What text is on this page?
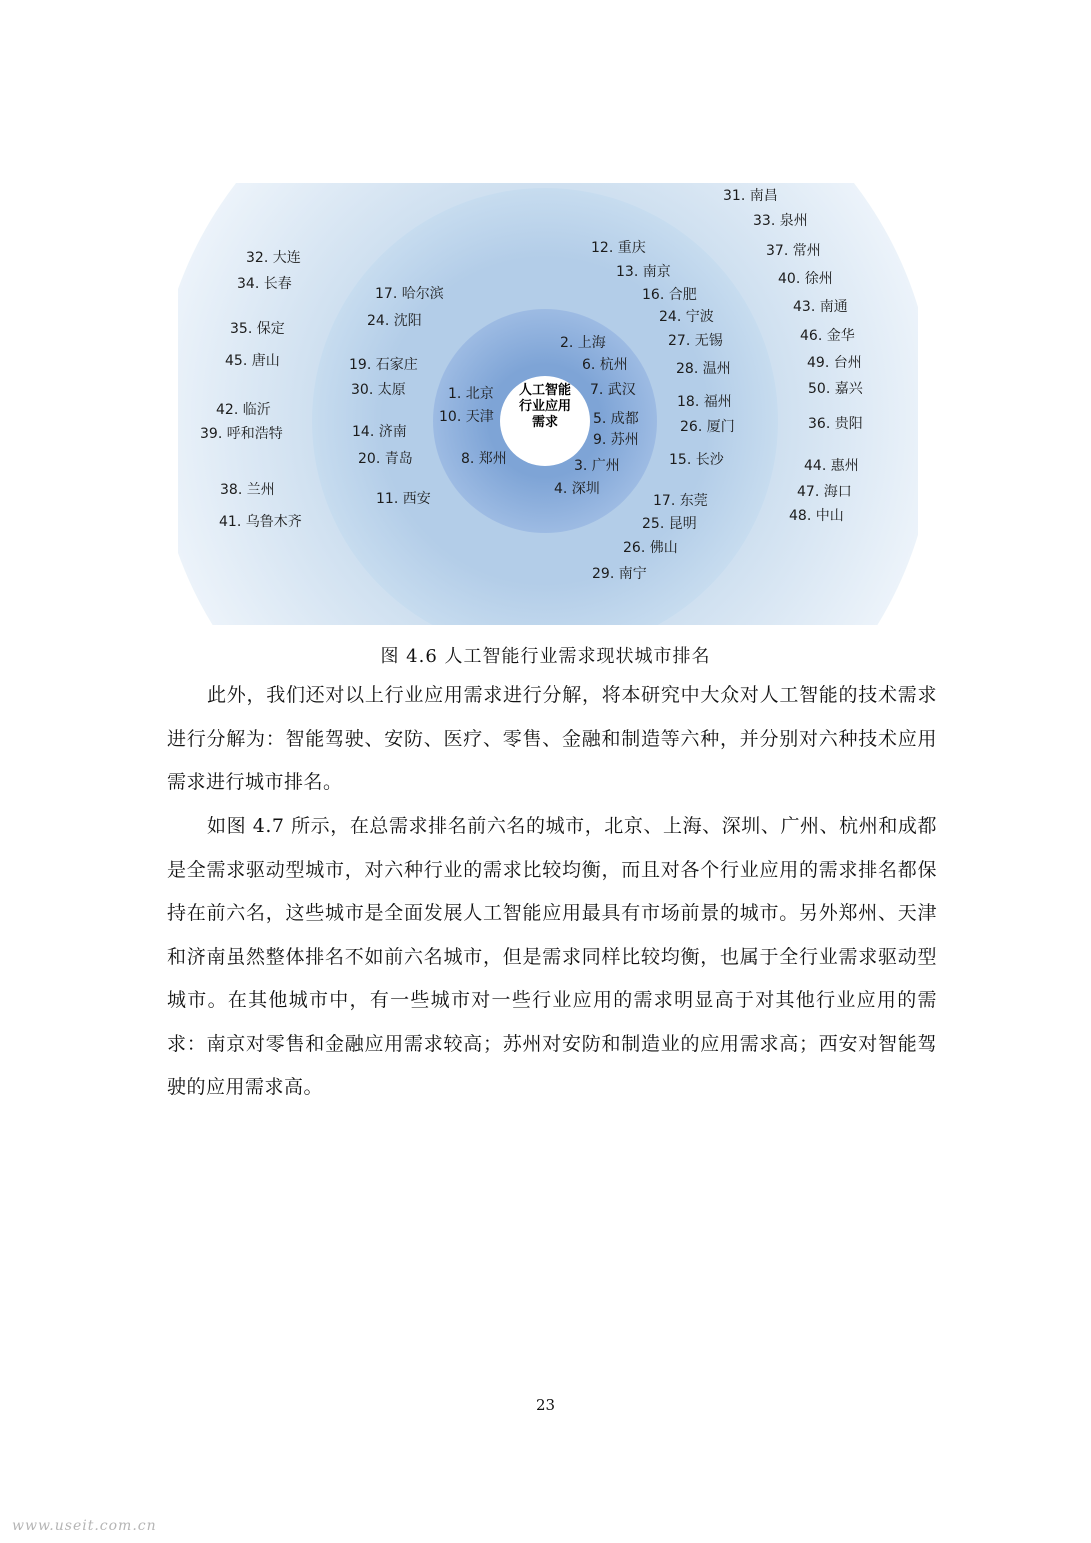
人工智能
行业应用
需求
31. 南昌
33. 泉州
12. 重庆	37. 常州
32. 大连
13. 南京	40. 徐州
34. 长春
17. 哈尔滨	16. 合肥
43. 南通
24. 沈阳	24. 宁波
35. 保定	46. 金华
27. 无锡
2. 上海
45. 唐山	19. 石家庄	6. 杭州	49. 台州
28. 温州
30. 太原	1. 北京	7. 武汉	50. 嘉兴
18. 福州
42. 临沂	10. 天津	5. 成都	36. 贵阳
26. 厦门
39. 呼和浩特	14. 济南	9. 苏州
20. 青岛	8. 郑州	15. 长沙
3. 广州	44. 惠州
38. 兰州	4. 深圳	47. 海口
11. 西安	17. 东莞
48. 中山
41. 乌鲁木齐	25. 昆明
26. 佛山
29. 南宁
图 4.6 人工智能行业需求现状城市排名

此外，我们还对以上行业应用需求进行分解，将本研究中大众对人工智能的技术需求进行分解为：智能驾驶、安防、医疗、零售、金融和制造等六种，并分别对六种技术应用需求进行城市排名。

如图 4.7 所示，在总需求排名前六名的城市，北京、上海、深圳、广州、杭州和成都是全需求驱动型城市，对六种行业的需求比较均衡，而且对各个行业应用的需求排名都保持在前六名，这些城市是全面发展人工智能应用最具有市场前景的城市。另外郑州、天津和济南虽然整体排名不如前六名城市，但是需求同样比较均衡，也属于全行业需求驱动型城市。在其他城市中，有一些城市对一些行业应用的需求明显高于对其他行业应用的需求：南京对零售和金融应用需求较高；苏州对安防和制造业的应用需求高；西安对智能驾驶的应用需求高。

23
www.useit.com.cn
